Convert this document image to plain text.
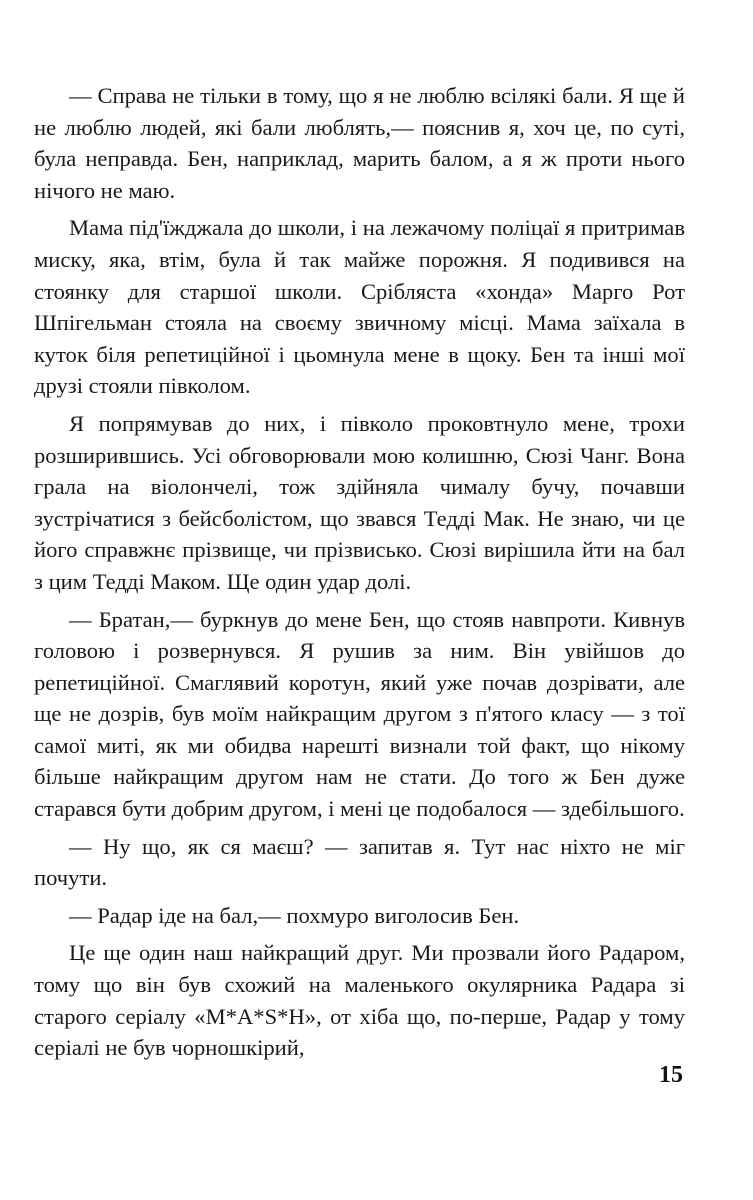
— Справа не тільки в тому, що я не люблю всілякі бали. Я ще й не люблю людей, які бали люблять,— пояснив я, хоч це, по суті, була неправда. Бен, наприклад, марить балом, а я ж проти нього нічого не маю.

Мама під'їжджала до школи, і на лежачому поліцаї я притримав миску, яка, втім, була й так майже порожня. Я подивився на стоянку для старшої школи. Срібляста «хонда» Марго Рот Шпігельман стояла на своєму звичному місці. Мама заїхала в куток біля репетиційної і цьомнула мене в щоку. Бен та інші мої друзі стояли півколом.

Я попрямував до них, і півколо проковтнуло мене, трохи розширившись. Усі обговорювали мою колишню, Сюзі Чанг. Вона грала на віолончелі, тож здійняла чималу бучу, почавши зустрічатися з бейсболістом, що звався Тедді Мак. Не знаю, чи це його справжнє прізвище, чи прізвисько. Сюзі вирішила йти на бал з цим Тедді Маком. Ще один удар долі.

— Братан,— буркнув до мене Бен, що стояв навпроти. Кивнув головою і розвернувся. Я рушив за ним. Він увійшов до репетиційної. Смаглявий коротун, який уже почав дозрівати, але ще не дозрів, був моїм найкращим другом з п'ятого класу — з тої самої миті, як ми обидва нарешті визнали той факт, що нікому більше найкращим другом нам не стати. До того ж Бен дуже старався бути добрим другом, і мені це подобалося — здебільшого.

— Ну що, як ся маєш? — запитав я. Тут нас ніхто не міг почути.

— Радар іде на бал,— похмуро виголосив Бен.

Це ще один наш найкращий друг. Ми прозвали його Радаром, тому що він був схожий на маленького окулярника Радара зі старого серіалу «M*A*S*H», от хіба що, по-перше, Радар у тому серіалі не був чорношкірий,

15
